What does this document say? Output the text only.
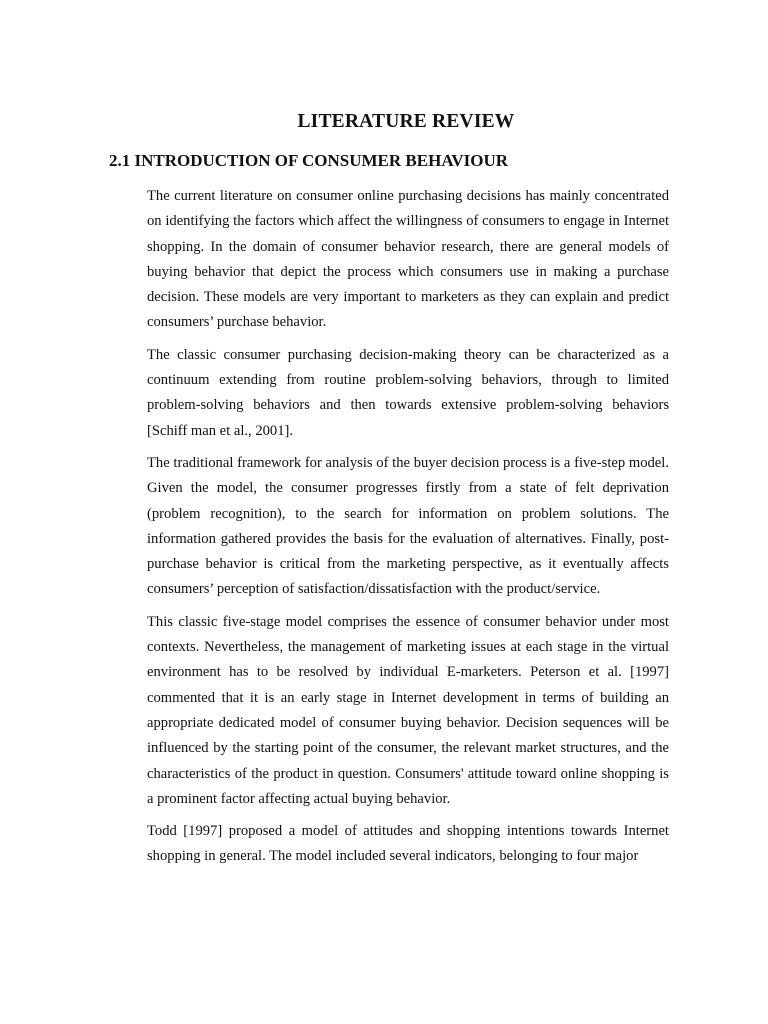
LITERATURE REVIEW
2.1 INTRODUCTION OF CONSUMER BEHAVIOUR

The current literature on consumer online purchasing decisions has mainly concentrated on identifying the factors which affect the willingness of consumers to engage in Internet shopping. In the domain of consumer behavior research, there are general models of buying behavior that depict the process which consumers use in making a purchase decision. These models are very important to marketers as they can explain and predict consumers’ purchase behavior.

The classic consumer purchasing decision-making theory can be characterized as a continuum extending from routine problem-solving behaviors, through to limited problem-solving behaviors and then towards extensive problem-solving behaviors [Schiff man et al., 2001].

The traditional framework for analysis of the buyer decision process is a five-step model. Given the model, the consumer progresses firstly from a state of felt deprivation (problem recognition), to the search for information on problem solutions. The information gathered provides the basis for the evaluation of alternatives. Finally, post-purchase behavior is critical from the marketing perspective, as it eventually affects consumers’ perception of satisfaction/dissatisfaction with the product/service.

This classic five-stage model comprises the essence of consumer behavior under most contexts. Nevertheless, the management of marketing issues at each stage in the virtual environment has to be resolved by individual E-marketers. Peterson et al. [1997] commented that it is an early stage in Internet development in terms of building an appropriate dedicated model of consumer buying behavior. Decision sequences will be influenced by the starting point of the consumer, the relevant market structures, and the characteristics of the product in question. Consumers' attitude toward online shopping is a prominent factor affecting actual buying behavior.

Todd [1997] proposed a model of attitudes and shopping intentions towards Internet shopping in general. The model included several indicators, belonging to four major
